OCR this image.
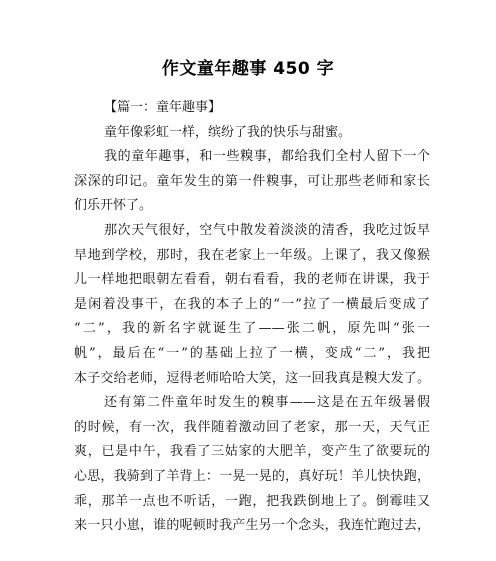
作文童年趣事 450 字
【篇一：童年趣事】
童年像彩虹一样，缤纷了我的快乐与甜蜜。
我的童年趣事，和一些糗事，都给我们全村人留下一个
深深的印记。童年发生的第一件糗事，可让那些老师和家长
们乐开怀了。
那次天气很好，空气中散发着淡淡的清香，我吃过饭早
早地到学校，那时，我在老家上一年级。上课了，我又像猴
儿一样地把眼朝左看看，朝右看看，我的老师在讲课，我于
是闲着没事干，在我的本子上的“一”拉了一横最后变成了
“二”，我的新名字就诞生了——张二帆，原先叫“张一
帆”，最后在“一”的基础上拉了一横，变成“二”，我把
本子交给老师，逗得老师哈哈大笑，这一回我真是糗大发了。
还有第二件童年时发生的糗事——这是在五年级暑假
的时候，有一次，我伴随着激动回了老家，那一天，天气正
爽，已是中午，我看了三姑家的大肥羊，变产生了欲要玩的
心思，我骑到了羊背上：一晃一晃的，真好玩！羊儿快快跑，
乖，那羊一点也不听话，一跑，把我跌倒地上了。倒霉哇又
来一只小崽，谁的呢顿时我产生另一个念头，我连忙跑过去，
